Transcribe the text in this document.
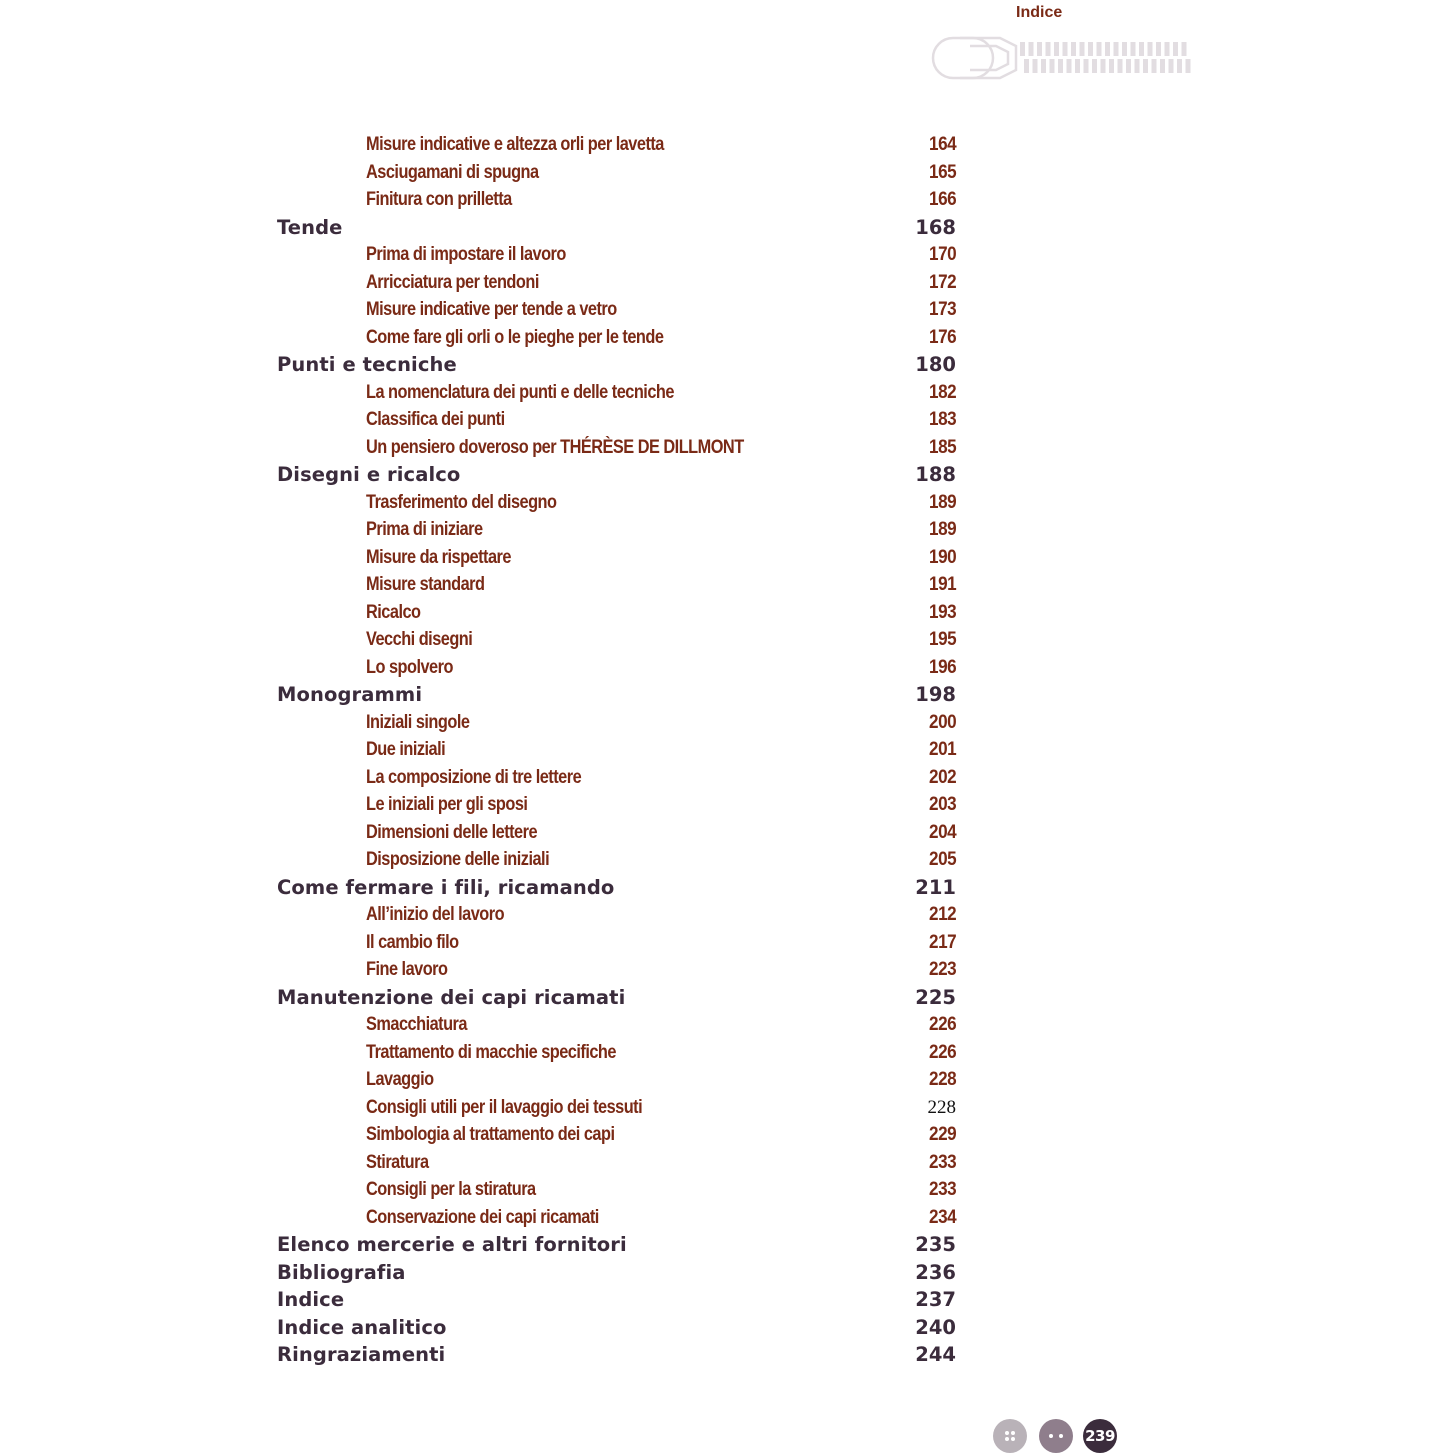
Indice
Misure indicative e altezza orli per lavetta	164
Asciugamani di spugna	165
Finitura con prilletta	166
Tende	168
Prima di impostare il lavoro	170
Arricciatura per tendoni	172
Misure indicative per tende a vetro	173
Come fare gli orli o le pieghe per le tende	176
Punti e tecniche	180
La nomenclatura dei punti e delle tecniche	182
Classifica dei punti	183
Un pensiero doveroso per THÉRÈSE DE DILLMONT	185
Disegni e ricalco	188
Trasferimento del disegno	189
Prima di iniziare	189
Misure da rispettare	190
Misure standard	191
Ricalco	193
Vecchi disegni	195
Lo spolvero	196
Monogrammi	198
Iniziali singole	200
Due iniziali	201
La composizione di tre lettere	202
Le iniziali per gli sposi	203
Dimensioni delle lettere	204
Disposizione delle iniziali	205
Come fermare i fili, ricamando	211
All’inizio del lavoro	212
Il cambio filo	217
Fine lavoro	223
Manutenzione dei capi ricamati	225
Smacchiatura	226
Trattamento di macchie specifiche	226
Lavaggio	228
Consigli utili per il lavaggio dei tessuti	228
Simbologia al trattamento dei capi	229
Stiratura	233
Consigli per la stiratura	233
Conservazione dei capi ricamati	234
Elenco mercerie e altri fornitori	235
Bibliografia	236
Indice	237
Indice analitico	240
Ringraziamenti	244
239
